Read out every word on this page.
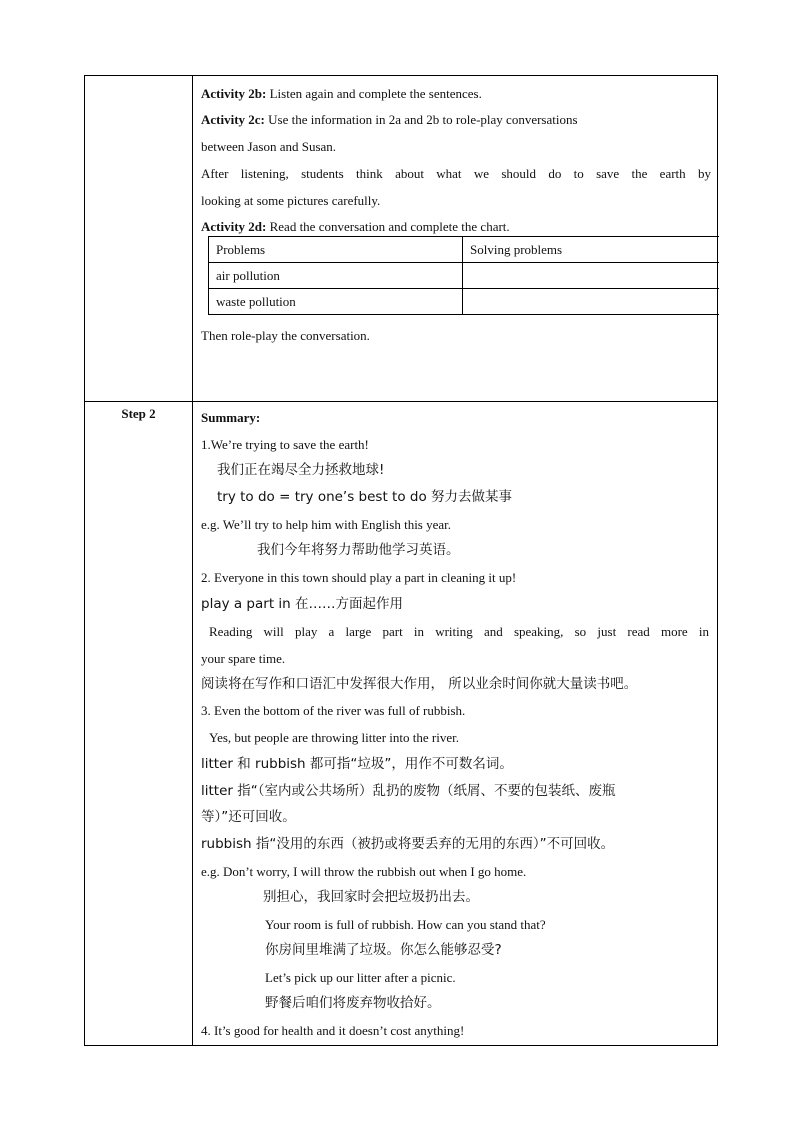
Activity 2b: Listen again and complete the sentences.
Activity 2c: Use the information in 2a and 2b to role-play conversations
between Jason and Susan.
After listening, students think about what we should do to save the earth by
looking at some pictures carefully.
Activity 2d: Read the conversation and complete the chart.
Problems	Solving problems
air pollution	
waste pollution	
Then role-play the conversation.
Step 2	Summary:
1.We’re trying to save the earth!
我们正在竭尽全力拯救地球!
try to do = try one’s best to do 努力去做某事
e.g. We’ll try to help him with English this year.
我们今年将努力帮助他学习英语。
2. Everyone in this town should play a part in cleaning it up!
play a part in 在……方面起作用
Reading will play a large part in writing and speaking, so just read more in
your spare time.
阅读将在写作和口语汇中发挥很大作用， 所以业余时间你就大量读书吧。
3. Even the bottom of the river was full of rubbish.
Yes, but people are throwing litter into the river.
litter 和 rubbish 都可指“垃圾”，用作不可数名词。
litter 指“（室内或公共场所）乱扔的废物（纸屑、不要的包装纸、废瓶
等）”还可回收。
rubbish 指“没用的东西（被扔或将要丢弃的无用的东西）”不可回收。
e.g. Don’t worry, I will throw the rubbish out when I go home.
别担心，我回家时会把垃圾扔出去。
Your room is full of rubbish. How can you stand that?
你房间里堆满了垃圾。你怎么能够忍受?
Let’s pick up our litter after a picnic.
野餐后咱们将废弃物收拾好。
4. It’s good for health and it doesn’t cost anything!
